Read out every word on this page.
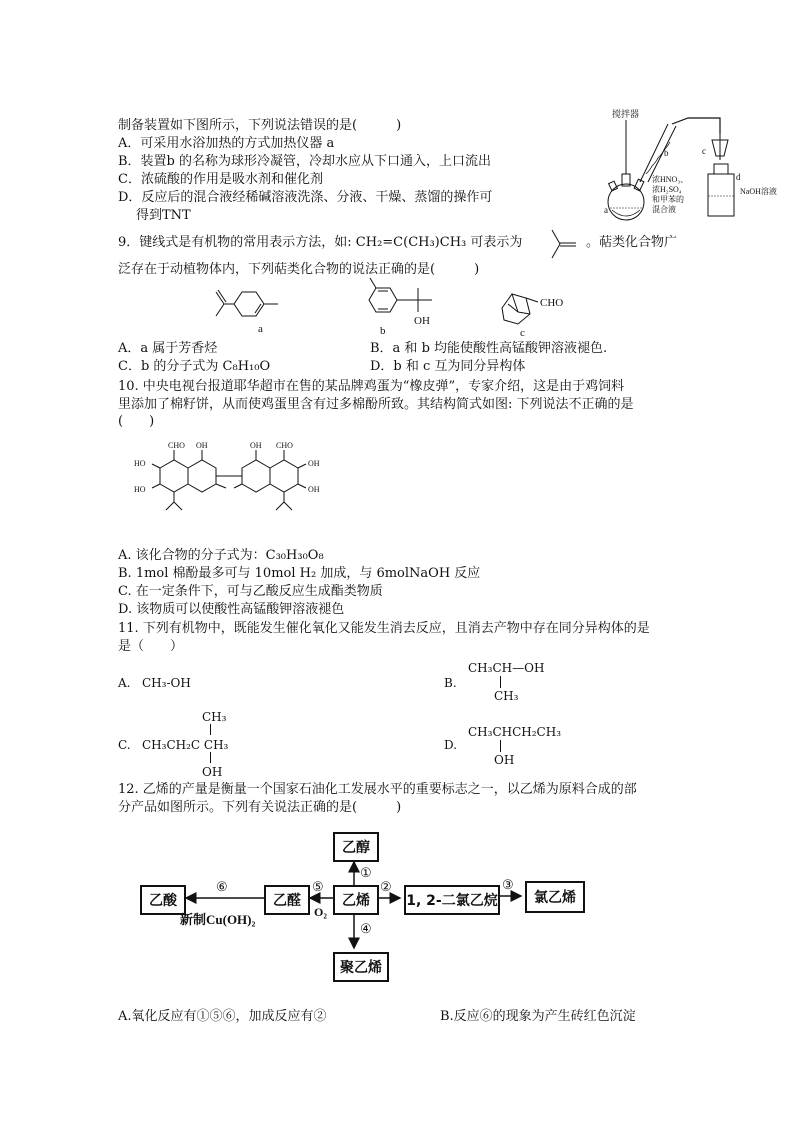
制备装置如下图所示，下列说法错误的是(　　　)
A．可采用水浴加热的方式加热仪器 a
B．装置b 的名称为球形冷凝管，冷却水应从下口通入，上口流出
C．浓硫酸的作用是吸水剂和催化剂
D．反应后的混合液经稀碱溶液洗涤、分液、干燥、蒸馏的操作可
得到TNT
搅拌器
a
b	c
d
NaOH溶液
浓HNO₃、
浓H₂SO₄
和甲苯的
混合液
9．键线式是有机物的常用表示方法，如: CH₂=C(CH₃)CH₃ 可表示为	。萜类化合物广
泛存在于动植物体内，下列萜类化合物的说法正确的是(　　　)
a
OH
b
CHO
c
A．a 属于芳香烃	B．a 和 b 均能使酸性高锰酸钾溶液褪色.
C．b 的分子式为 C₈H₁₀O	D．b 和 c 互为同分异构体
10. 中央电视台报道耶华超市在售的某品牌鸡蛋为“橡皮弹”，专家介绍，这是由于鸡饲料
里添加了棉籽饼，从而使鸡蛋里含有过多棉酚所致。其结构简式如图: 下列说法不正确的是
(　　)
CHO OH
HO
HO
OH CHO
OH
OH
A. 该化合物的分子式为：C₃₀H₃₀O₈
B. 1mol 棉酚最多可与 10mol H₂ 加成，与 6molNaOH 反应
C. 在一定条件下，可与乙酸反应生成酯类物质
D. 该物质可以使酸性高锰酸钾溶液褪色
11. 下列有机物中，既能发生催化氧化又能发生消去反应，且消去产物中存在同分异构体的是
是（　　）
A. CH₃-OH	B.
CH₃CH—OH
CH₃
C.
CH₃
CH₃CH₂C CH₃
OH
D.
CH₃CHCH₂CH₃
OH
12. 乙烯的产量是衡量一个国家石油化工发展水平的重要标志之一，以乙烯为原料合成的部
分产品如图所示。下列有关说法正确的是(　　　)
乙醇
乙烯
乙醛
乙酸	1, 2-二氯乙烷	氯乙烯
聚乙烯
①
②	③
④
⑤
⑥
O₂
新制Cu(OH)₂
A.氧化反应有①⑤⑥，加成反应有②	B.反应⑥的现象为产生砖红色沉淀
